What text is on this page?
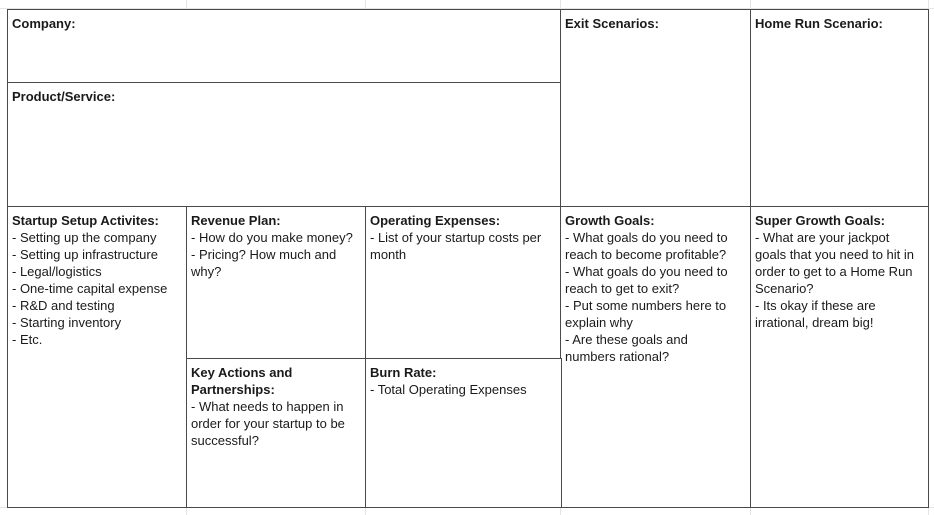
Company:
Product/Service:
Exit Scenarios:	Home Run Scenario:
Startup Setup Activites:
- Setting up the company
- Setting up infrastructure
- Legal/logistics
- One-time capital expense
- R&D and testing
- Starting inventory
- Etc.
Revenue Plan:
- How do you make money?
- Pricing? How much and
why?
Operating Expenses:
- List of your startup costs per
month
Growth Goals:
- What goals do you need to
reach to become profitable?
- What goals do you need to
reach to get to exit?
- Put some numbers here to
explain why
- Are these goals and
numbers rational?
Super Growth Goals:
- What are your jackpot
goals that you need to hit in
order to get to a Home Run
Scenario?
- Its okay if these are
irrational, dream big!
Key Actions and
Partnerships:
- What needs to happen in
order for your startup to be
successful?
Burn Rate:
- Total Operating Expenses
